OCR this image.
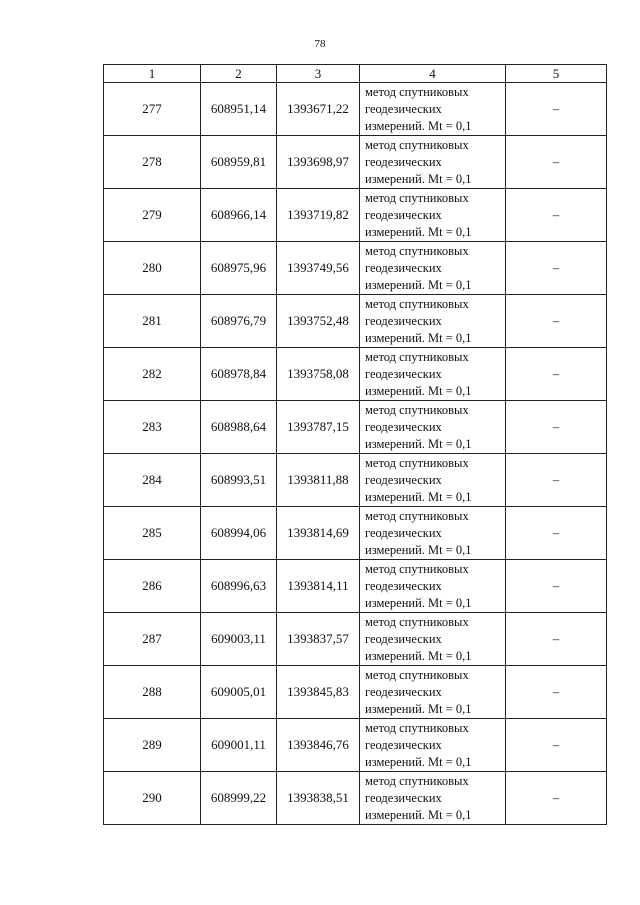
78
1	2	3	4	5
277	608951,14	1393671,22	метод спутниковых
геодезических
измерений. Mt = 0,1	–
278	608959,81	1393698,97	метод спутниковых
геодезических
измерений. Mt = 0,1	–
279	608966,14	1393719,82	метод спутниковых
геодезических
измерений. Mt = 0,1	–
280	608975,96	1393749,56	метод спутниковых
геодезических
измерений. Mt = 0,1	–
281	608976,79	1393752,48	метод спутниковых
геодезических
измерений. Mt = 0,1	–
282	608978,84	1393758,08	метод спутниковых
геодезических
измерений. Mt = 0,1	–
283	608988,64	1393787,15	метод спутниковых
геодезических
измерений. Mt = 0,1	–
284	608993,51	1393811,88	метод спутниковых
геодезических
измерений. Mt = 0,1	–
285	608994,06	1393814,69	метод спутниковых
геодезических
измерений. Mt = 0,1	–
286	608996,63	1393814,11	метод спутниковых
геодезических
измерений. Mt = 0,1	–
287	609003,11	1393837,57	метод спутниковых
геодезических
измерений. Mt = 0,1	–
288	609005,01	1393845,83	метод спутниковых
геодезических
измерений. Mt = 0,1	–
289	609001,11	1393846,76	метод спутниковых
геодезических
измерений. Mt = 0,1	–
290	608999,22	1393838,51	метод спутниковых
геодезических
измерений. Mt = 0,1	–
